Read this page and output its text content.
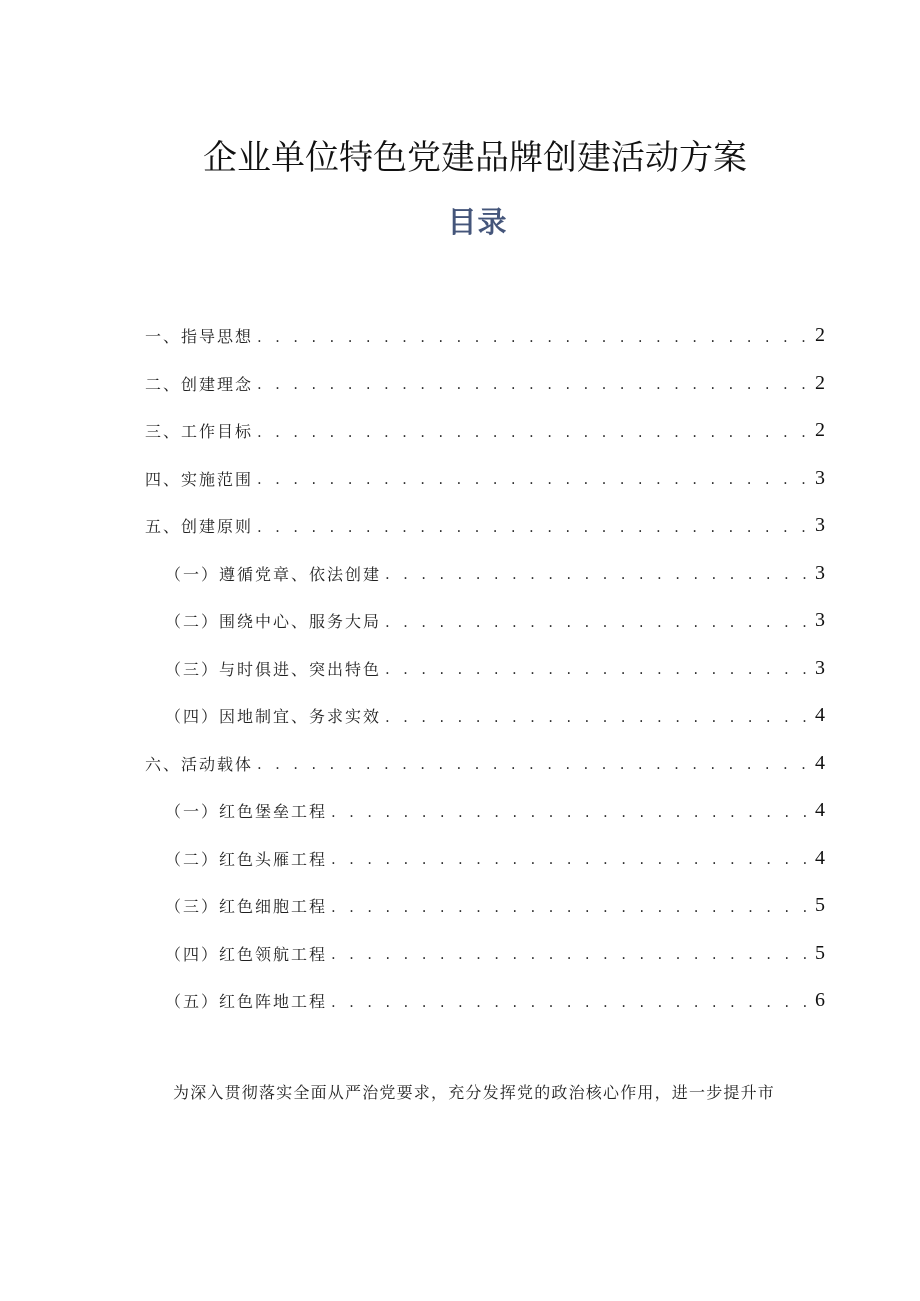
企业单位特色党建品牌创建活动方案
目录
一、指导思想 . . .	2
二、创建理念 . . .	2
三、工作目标 . . .	2
四、实施范围 . . .	3
五、创建原则 . . .	3
（一）遵循党章、依法创建 . . .	3
（二）围绕中心、服务大局 . . .	3
（三）与时俱进、突出特色 . . .	3
（四）因地制宜、务求实效 . . .	4
六、活动载体 . . .	4
（一）红色堡垒工程 . . .	4
（二）红色头雁工程 . . .	4
（三）红色细胞工程 . . .	5
（四）红色领航工程 . . .	5
（五）红色阵地工程 . . .	6

为深入贯彻落实全面从严治党要求，充分发挥党的政治核心作用，进一步提升市
